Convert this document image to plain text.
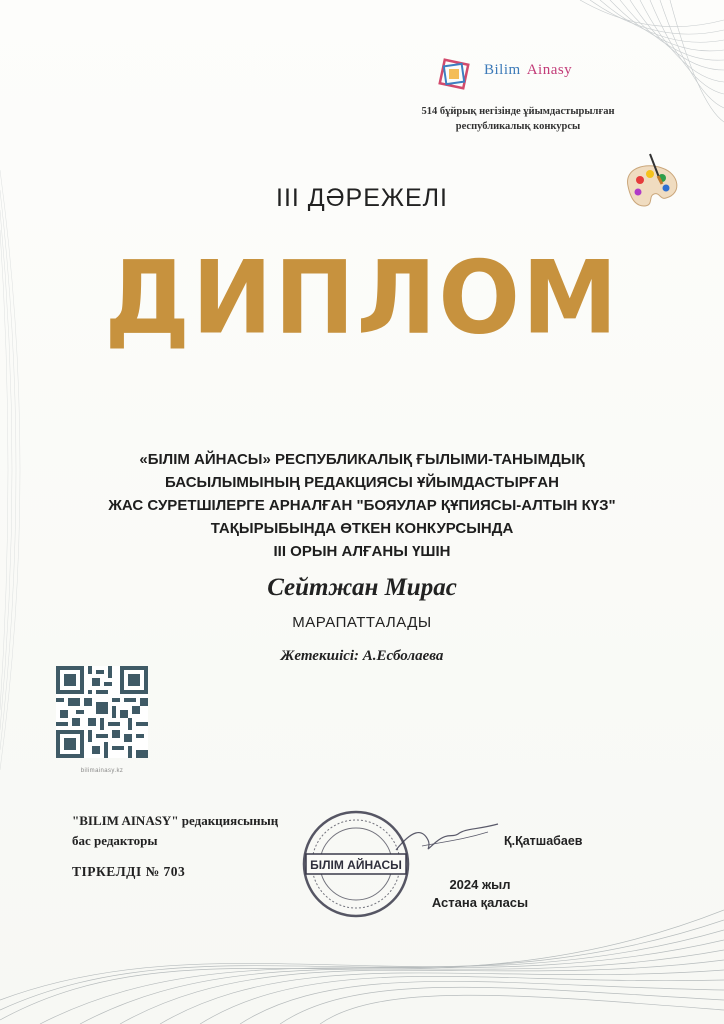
Bilim Ainasy
514 бұйрық негізінде ұйымдастырылған республикалық конкурсы
III ДӘРЕЖЕЛІ
ДИПЛОМ
«БІЛІМ АЙНАСЫ» РЕСПУБЛИКАЛЫҚ ҒЫЛЫМИ-ТАНЫМДЫҚ
БАСЫЛЫМЫНЫҢ РЕДАКЦИЯСЫ ҰЙЫМДАСТЫРҒАН
ЖАС СУРЕТШІЛЕРГЕ АРНАЛҒАН "БОЯУЛАР ҚҰПИЯСЫ-АЛТЫН КҮЗ"
ТАҚЫРЫБЫНДА ӨТКЕН КОНКУРСЫНДА
III ОРЫН АЛҒАНЫ ҮШІН
Сейтжан Мирас
МАРАПАТТАЛАДЫ
Жетекшісі: А.Есболаева
bilimainasy.kz
"BILIM AINASY" редакциясының
бас редакторы
ТІРКЕЛДІ № 703
Қ.Қатшабаев
2024 жыл
Астана қаласы
БІЛІМ АЙНАСЫ
